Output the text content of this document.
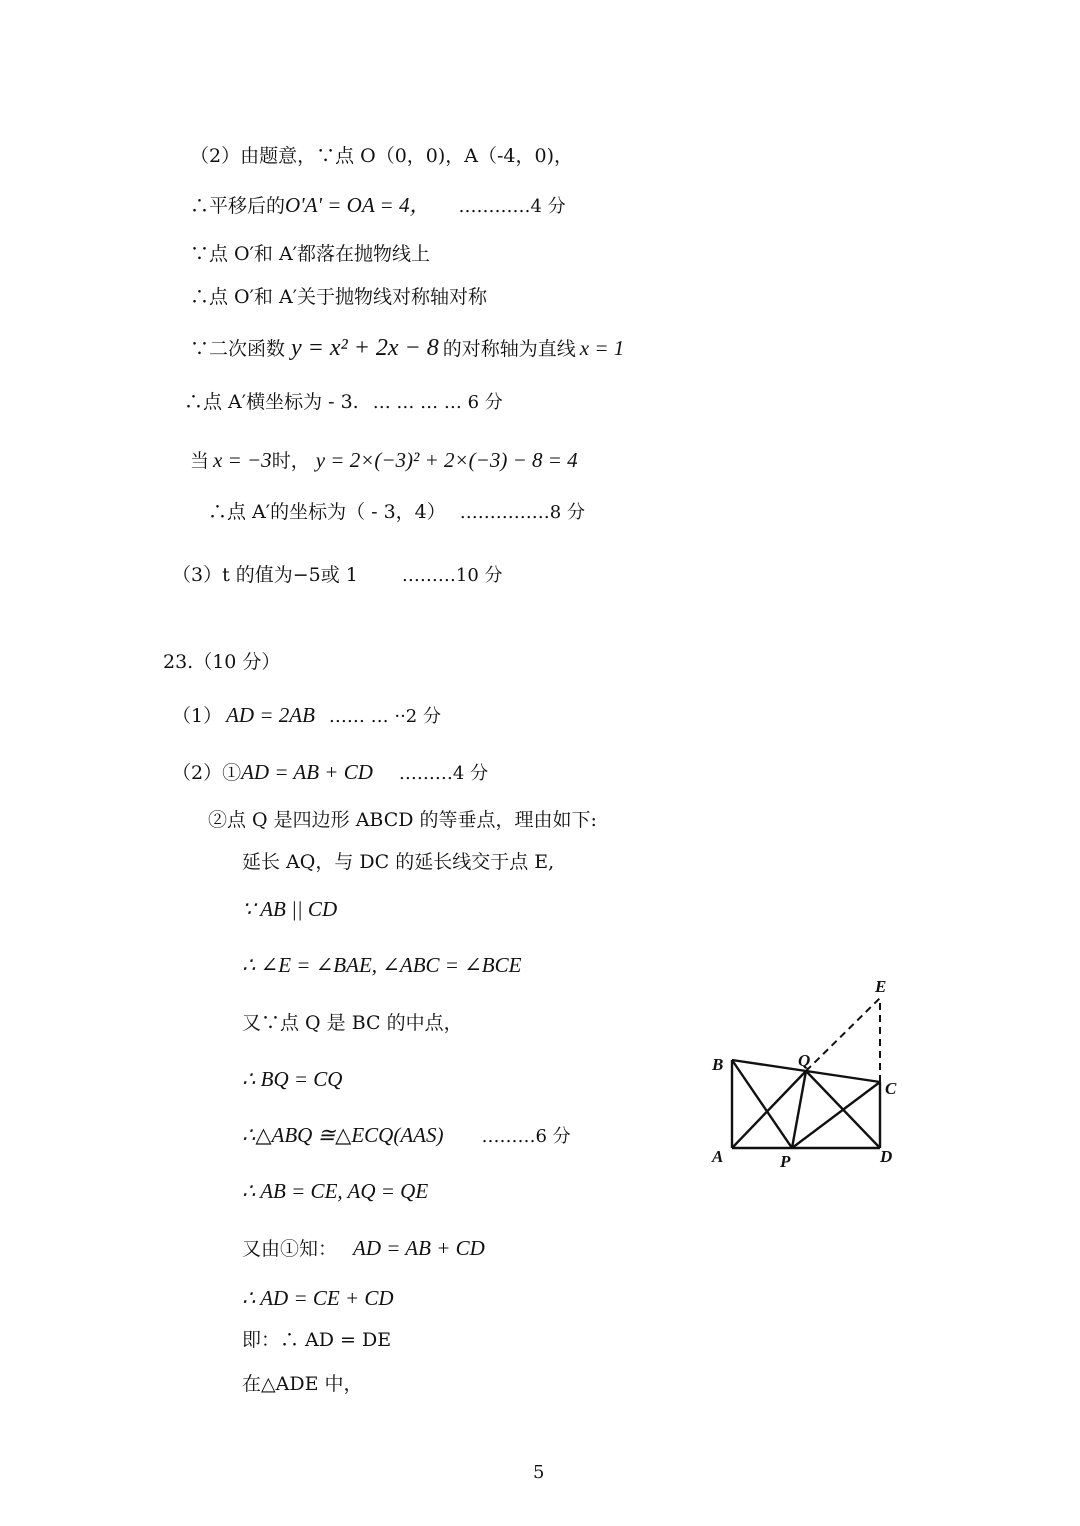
（2）由题意，∵点 O（0，0)，A（-4，0)，
∴平移后的O'A' = OA = 4， …………4 分
∵点 O′和 A′都落在抛物线上
∴点 O′和 A′关于抛物线对称轴对称
∵二次函数 y = x² + 2x − 8 的对称轴为直线 x = 1
∴点 A′横坐标为 - 3. … … … … 6 分
当 x = −3时， y = 2×(−3)² + 2×(−3) − 8 = 4
∴点 A′的坐标为（ - 3，4） ……………8 分
（3）t 的值为−5或 1 ………10 分
23.（10 分）
（1） AD = 2AB …… … ··2 分
（2）①AD = AB + CD ………4 分
②点 Q 是四边形 ABCD 的等垂点，理由如下:
延长 AQ，与 DC 的延长线交于点 E,
∵ AB || CD
∴ ∠E = ∠BAE, ∠ABC = ∠BCE
又∵点 Q 是 BC 的中点，
∴ BQ = CQ
∴△ABQ ≅△ECQ(AAS) ………6 分
∴ AB = CE, AQ = QE
又由①知： AD = AB + CD
∴ AD = CE + CD
即：∴ AD = DE
在△ADE 中，
E
B	Q
C
A	P	D
5
